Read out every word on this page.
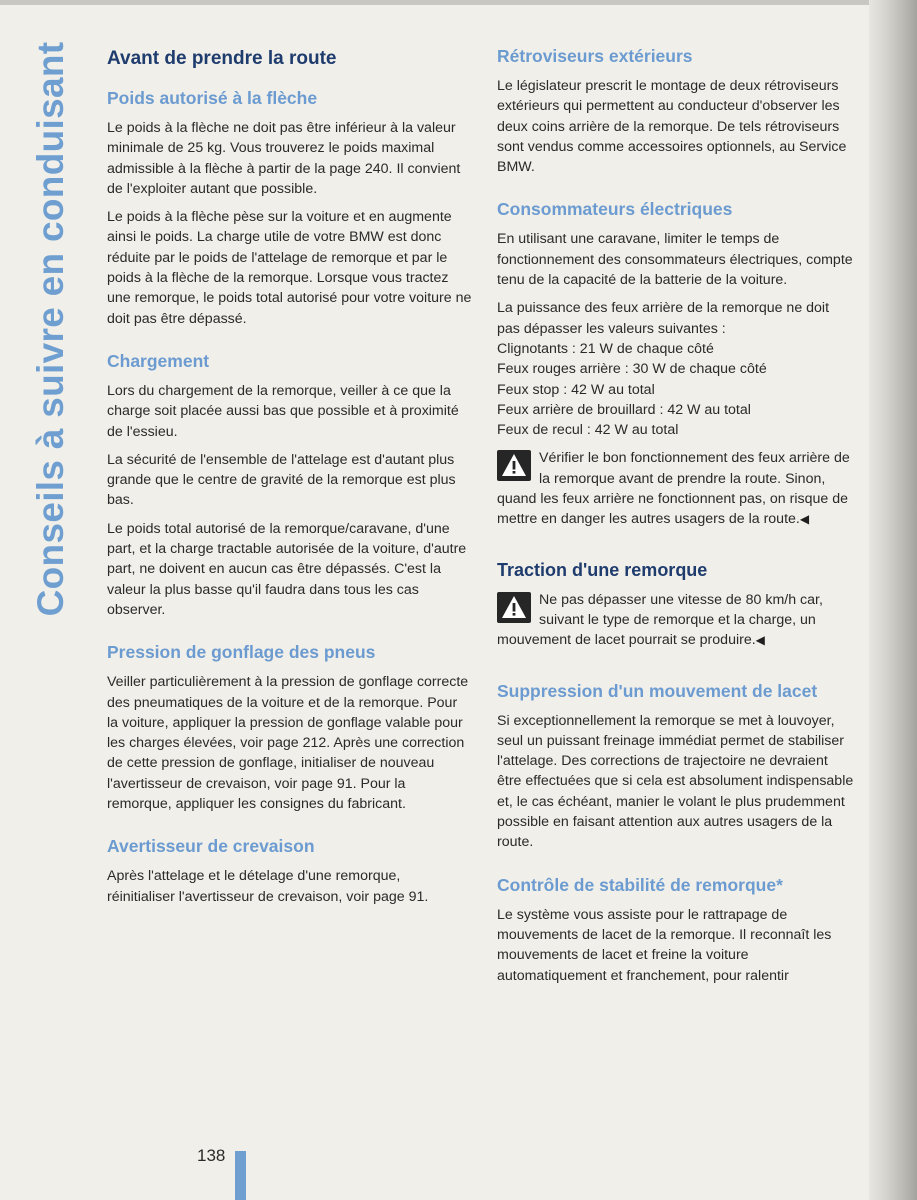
Conseils à suivre en conduisant Avant de prendre la route
Poids autorisé à la flèche

Le poids à la flèche ne doit pas être inférieur à la valeur minimale de 25 kg. Vous trouverez le poids maximal admissible à la flèche à partir de la page 240. Il convient de l'exploiter autant que possible.

Le poids à la flèche pèse sur la voiture et en augmente ainsi le poids. La charge utile de votre BMW est donc réduite par le poids de l'attelage de remorque et par le poids à la flèche de la remorque. Lorsque vous tractez une remorque, le poids total autorisé pour votre voiture ne doit pas être dépassé.

Chargement

Lors du chargement de la remorque, veiller à ce que la charge soit placée aussi bas que possible et à proximité de l'essieu.

La sécurité de l'ensemble de l'attelage est d'autant plus grande que le centre de gravité de la remorque est plus bas.

Le poids total autorisé de la remorque/caravane, d'une part, et la charge tractable autorisée de la voiture, d'autre part, ne doivent en aucun cas être dépassés. C'est la valeur la plus basse qu'il faudra dans tous les cas observer.

Pression de gonflage des pneus

Veiller particulièrement à la pression de gonflage correcte des pneumatiques de la voiture et de la remorque. Pour la voiture, appliquer la pression de gonflage valable pour les charges élevées, voir page 212. Après une correction de cette pression de gonflage, initialiser de nouveau l'avertisseur de crevaison, voir page 91. Pour la remorque, appliquer les consignes du fabricant.

Avertisseur de crevaison

Après l'attelage et le dételage d'une remorque, réinitialiser l'avertisseur de crevaison, voir page 91.

Rétroviseurs extérieurs

Le législateur prescrit le montage de deux rétroviseurs extérieurs qui permettent au conducteur d'observer les deux coins arrière de la remorque. De tels rétroviseurs sont vendus comme accessoires optionnels, au Service BMW.

Consommateurs électriques

En utilisant une caravane, limiter le temps de fonctionnement des consommateurs électriques, compte tenu de la capacité de la batterie de la voiture.

La puissance des feux arrière de la remorque ne doit pas dépasser les valeurs suivantes :
Clignotants : 21 W de chaque côté
Feux rouges arrière : 30 W de chaque côté
Feux stop : 42 W au total
Feux arrière de brouillard : 42 W au total
Feux de recul : 42 W au total

Vérifier le bon fonctionnement des feux arrière de la remorque avant de prendre la route. Sinon, quand les feux arrière ne fonctionnent pas, on risque de mettre en danger les autres usagers de la route.◀

Traction d'une remorque

Ne pas dépasser une vitesse de 80 km/h car, suivant le type de remorque et la charge, un mouvement de lacet pourrait se produire.◀

Suppression d'un mouvement de lacet

Si exceptionnellement la remorque se met à louvoyer, seul un puissant freinage immédiat permet de stabiliser l'attelage. Des corrections de trajectoire ne devraient être effectuées que si cela est absolument indispensable et, le cas échéant, manier le volant le plus prudemment possible en faisant attention aux autres usagers de la route.

Contrôle de stabilité de remorque*

Le système vous assiste pour le rattrapage de mouvements de lacet de la remorque. Il reconnaît les mouvements de lacet et freine la voiture automatiquement et franchement, pour ralentir

138
